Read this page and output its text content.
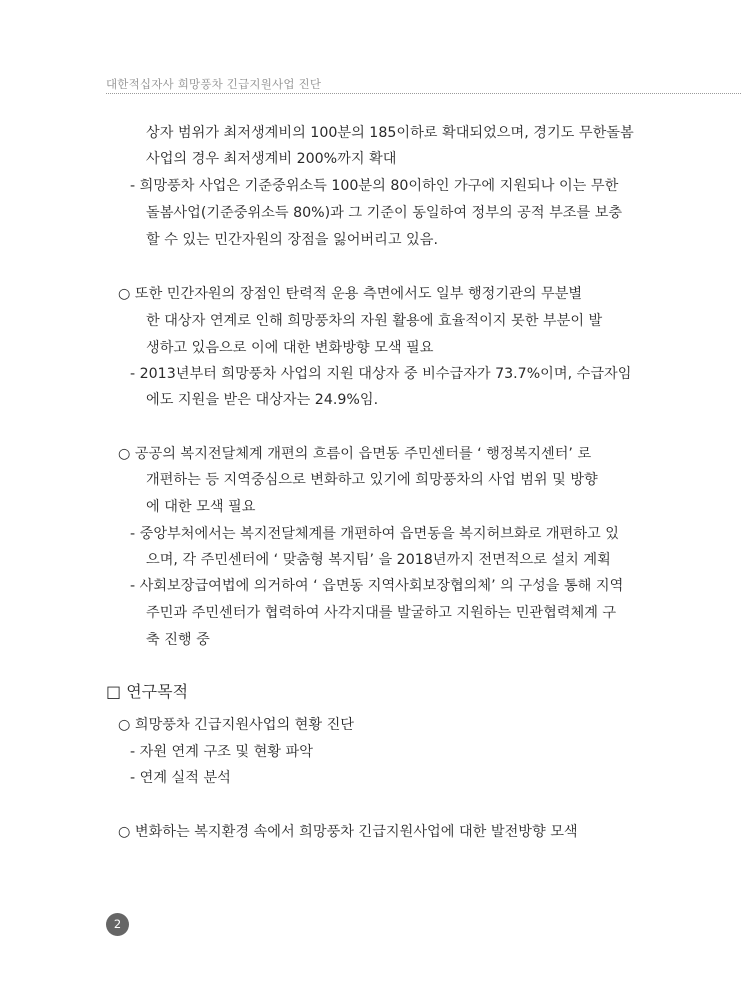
대한적십자사 희망풍차 긴급지원사업 진단
상자 범위가 최저생계비의 100분의 185이하로 확대되었으며, 경기도 무한돌봄
사업의 경우 최저생계비 200%까지 확대
- 희망풍차 사업은 기준중위소득 100분의 80이하인 가구에 지원되나 이는 무한
돌봄사업(기준중위소득 80%)과 그 기준이 동일하여 정부의 공적 부조를 보충
할 수 있는 민간자원의 장점을 잃어버리고 있음.
○ 또한 민간자원의 장점인 탄력적 운용 측면에서도 일부 행정기관의 무분별
한 대상자 연계로 인해 희망풍차의 자원 활용에 효율적이지 못한 부분이 발
생하고 있음으로 이에 대한 변화방향 모색 필요
- 2013년부터 희망풍차 사업의 지원 대상자 중 비수급자가 73.7%이며, 수급자임
에도 지원을 받은 대상자는 24.9%임.
○ 공공의 복지전달체계 개편의 흐름이 읍면동 주민센터를 ‘ 행정복지센터’ 로
개편하는 등 지역중심으로 변화하고 있기에 희망풍차의 사업 범위 및 방향
에 대한 모색 필요
- 중앙부처에서는 복지전달체계를 개편하여 읍면동을 복지허브화로 개편하고 있
으며, 각 주민센터에 ‘ 맞춤형 복지팀’ 을 2018년까지 전면적으로 설치 계획
- 사회보장급여법에 의거하여 ‘ 읍면동 지역사회보장협의체’ 의 구성을 통해 지역
주민과 주민센터가 협력하여 사각지대를 발굴하고 지원하는 민관협력체계 구
축 진행 중
□ 연구목적
○ 희망풍차 긴급지원사업의 현황 진단
- 자원 연계 구조 및 현황 파악
- 연계 실적 분석
○ 변화하는 복지환경 속에서 희망풍차 긴급지원사업에 대한 발전방향 모색
2
